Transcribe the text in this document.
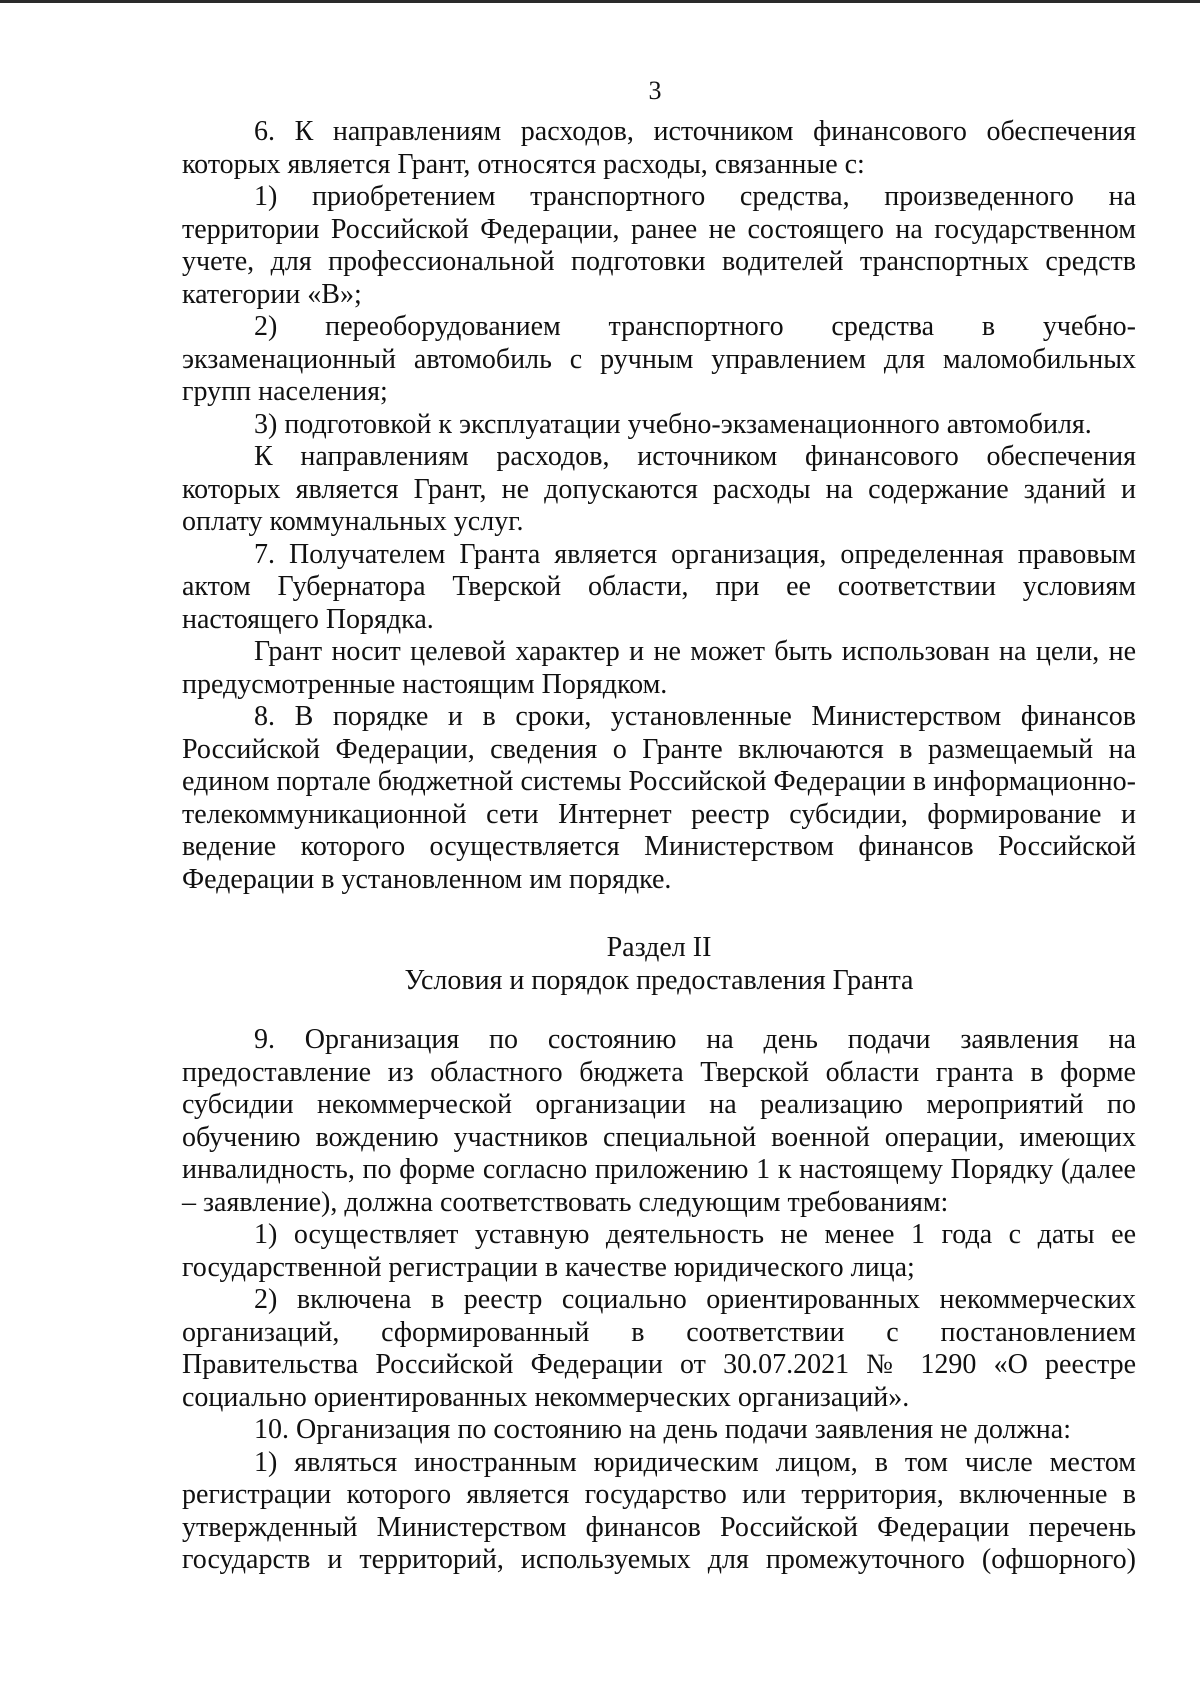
3

6. К направлениям расходов, источником финансового обеспечения которых является Грант, относятся расходы, связанные с:

1) приобретением транспортного средства, произведенного на территории Российской Федерации, ранее не состоящего на государственном учете, для профессиональной подготовки водителей транспортных средств категории «В»;

2) переоборудованием транспортного средства в учебно-экзаменационный автомобиль с ручным управлением для маломобильных групп населения;

3) подготовкой к эксплуатации учебно-экзаменационного автомобиля.

К направлениям расходов, источником финансового обеспечения которых является Грант, не допускаются расходы на содержание зданий и оплату коммунальных услуг.

7. Получателем Гранта является организация, определенная правовым актом Губернатора Тверской области, при ее соответствии условиям настоящего Порядка.

Грант носит целевой характер и не может быть использован на цели, не предусмотренные настоящим Порядком.

8. В порядке и в сроки, установленные Министерством финансов Российской Федерации, сведения о Гранте включаются в размещаемый на едином портале бюджетной системы Российской Федерации в информационно-телекоммуникационной сети Интернет реестр субсидии, формирование и ведение которого осуществляется Министерством финансов Российской Федерации в установленном им порядке.

Раздел II

Условия и порядок предоставления Гранта

9. Организация по состоянию на день подачи заявления на предоставление из областного бюджета Тверской области гранта в форме субсидии некоммерческой организации на реализацию мероприятий по обучению вождению участников специальной военной операции, имеющих инвалидность, по форме согласно приложению 1 к настоящему Порядку (далее – заявление), должна соответствовать следующим требованиям:

1) осуществляет уставную деятельность не менее 1 года с даты ее государственной регистрации в качестве юридического лица;

2) включена в реестр социально ориентированных некоммерческих организаций, сформированный в соответствии с постановлением Правительства Российской Федерации от 30.07.2021 № 1290 «О реестре социально ориентированных некоммерческих организаций».

10. Организация по состоянию на день подачи заявления не должна:

1) являться иностранным юридическим лицом, в том числе местом регистрации которого является государство или территория, включенные в утвержденный Министерством финансов Российской Федерации перечень государств и территорий, используемых для промежуточного (офшорного)
